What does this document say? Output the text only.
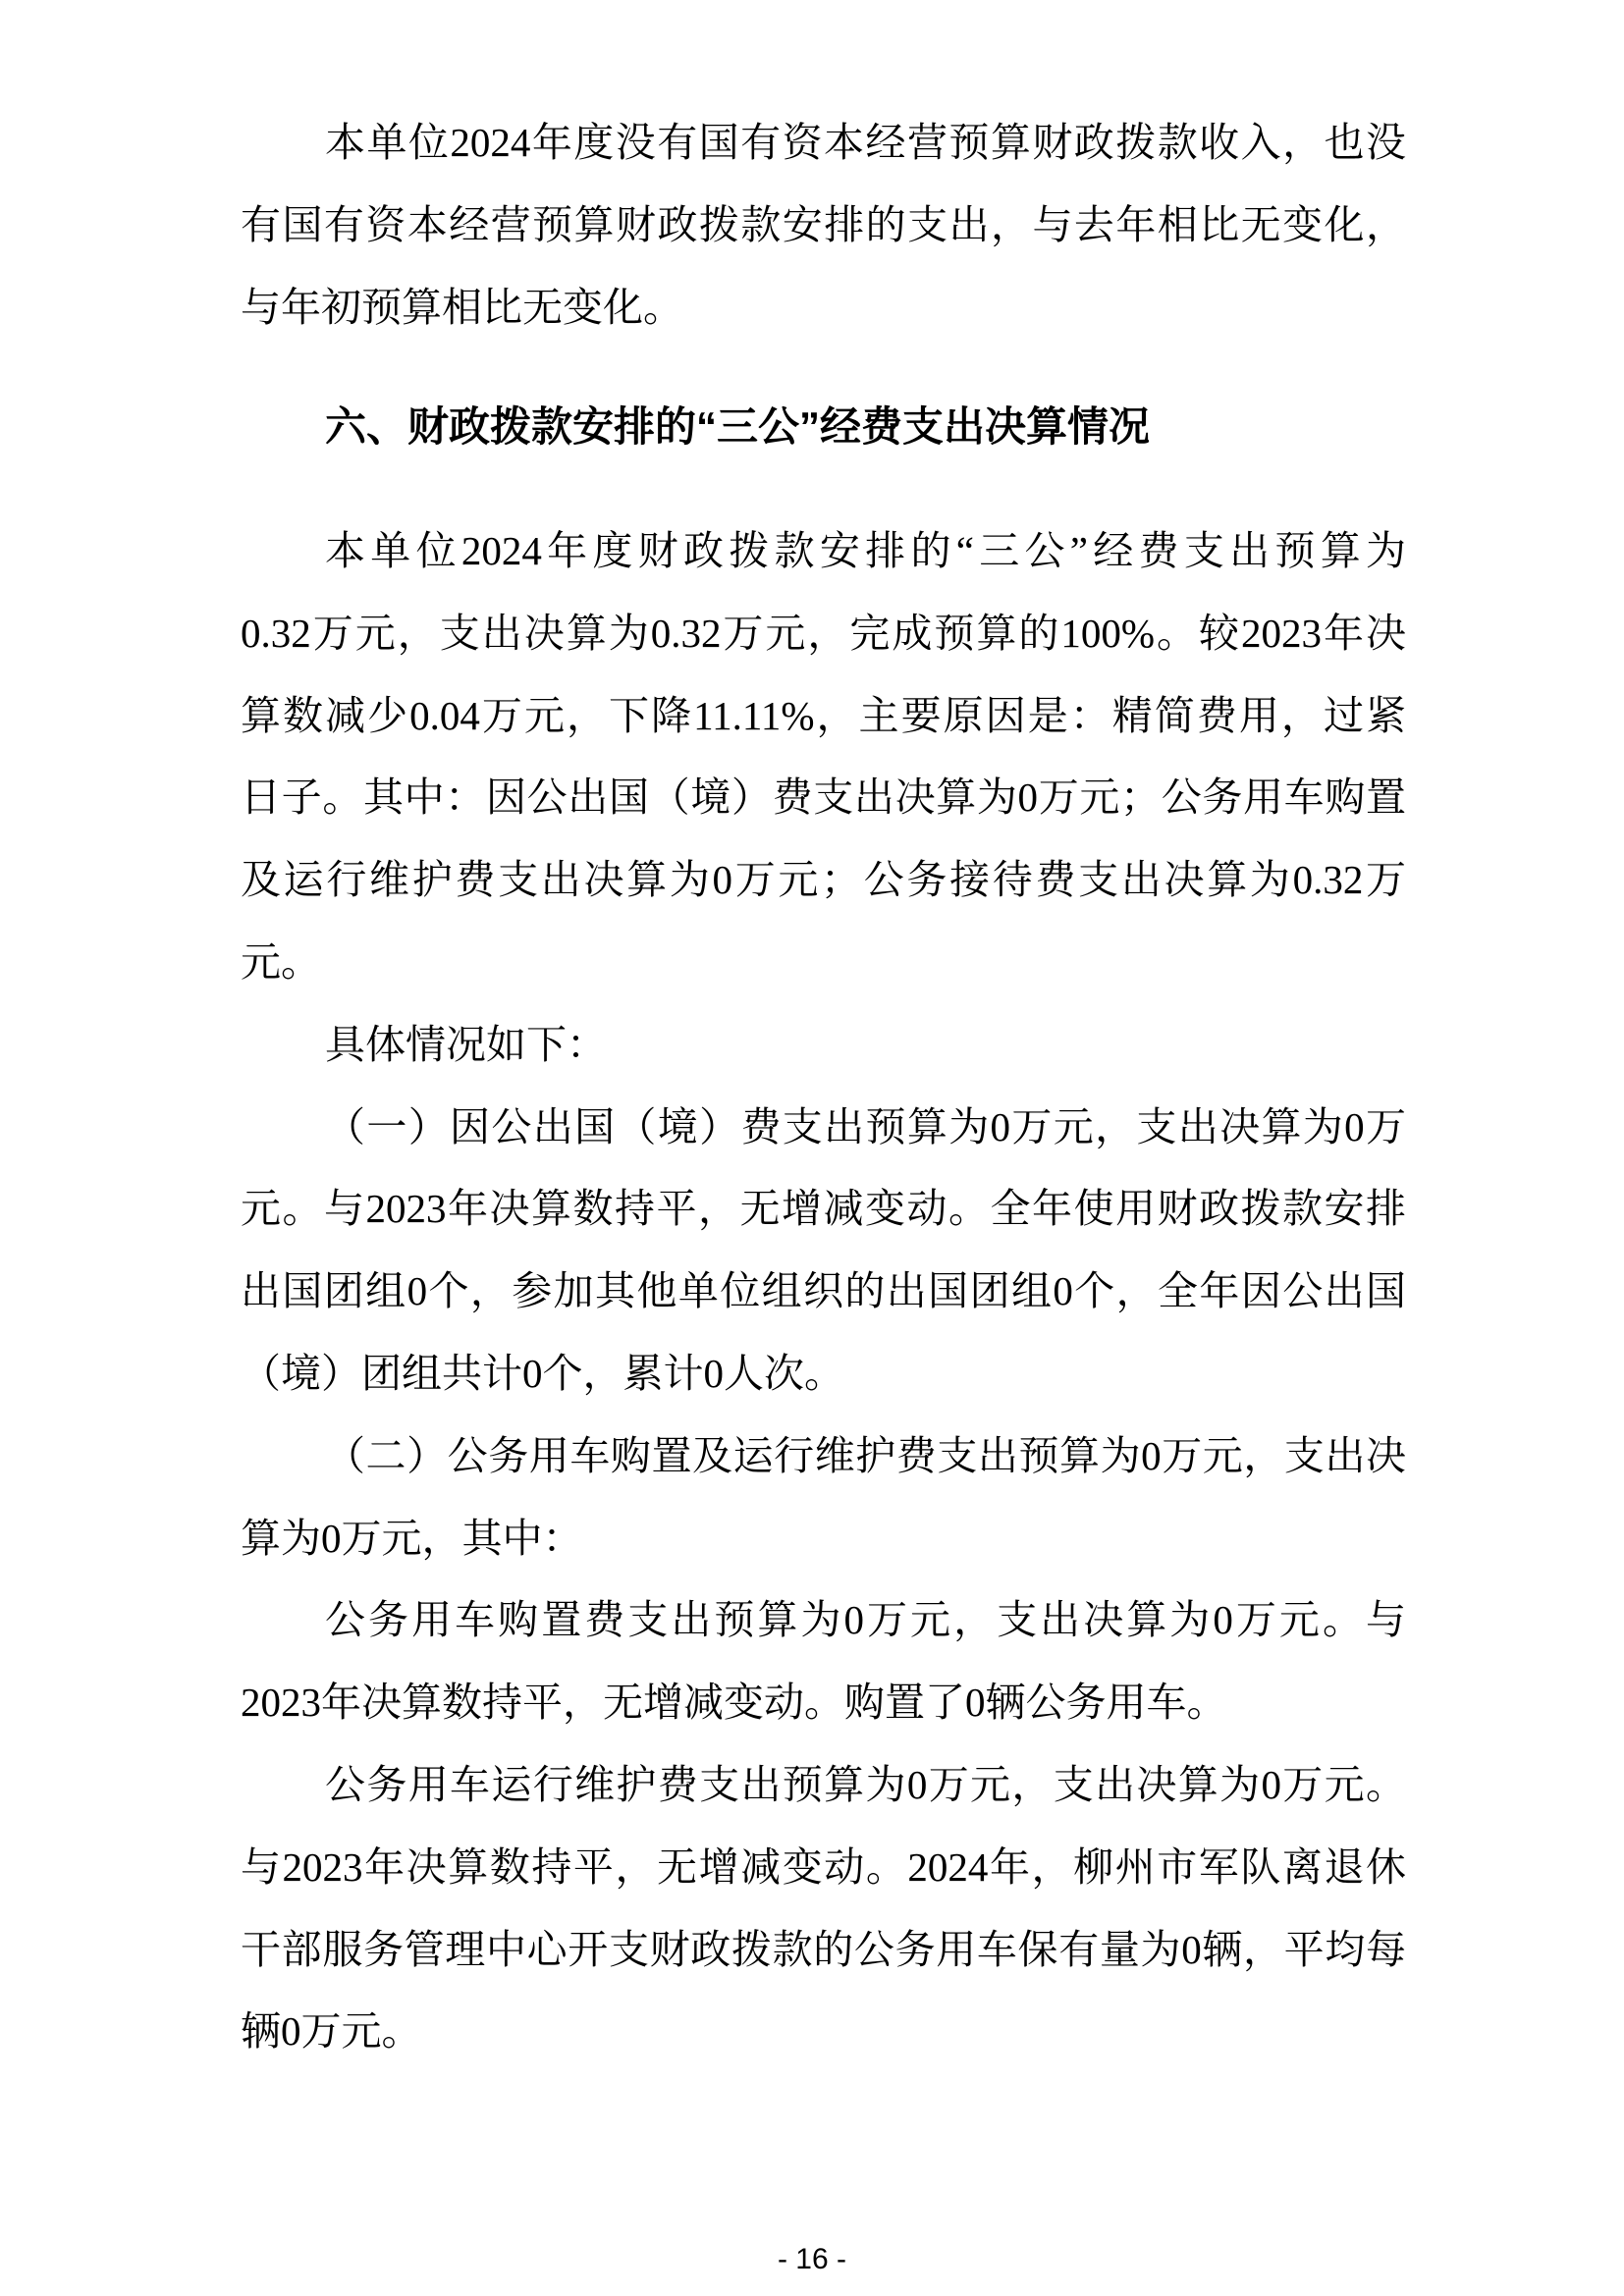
本单位2024年度没有国有资本经营预算财政拨款收入，也没
有国有资本经营预算财政拨款安排的支出，与去年相比无变化，
与年初预算相比无变化。
六、财政拨款安排的“三公”经费支出决算情况
本单位2024年度财政拨款安排的“三公”经费支出预算为
0.32万元，支出决算为0.32万元，完成预算的100%。较2023年决
算数减少0.04万元，下降11.11%，主要原因是：精简费用，过紧
日子。其中：因公出国（境）费支出决算为0万元；公务用车购置
及运行维护费支出决算为0万元；公务接待费支出决算为0.32万
元。
具体情况如下：
（一）因公出国（境）费支出预算为0万元，支出决算为0万
元。与2023年决算数持平，无增减变动。全年使用财政拨款安排
出国团组0个，参加其他单位组织的出国团组0个，全年因公出国
（境）团组共计0个，累计0人次。
（二）公务用车购置及运行维护费支出预算为0万元，支出决
算为0万元，其中：
公务用车购置费支出预算为0万元，支出决算为0万元。与
2023年决算数持平，无增减变动。购置了0辆公务用车。
公务用车运行维护费支出预算为0万元，支出决算为0万元。
与2023年决算数持平，无增减变动。2024年，柳州市军队离退休
干部服务管理中心开支财政拨款的公务用车保有量为0辆，平均每
辆0万元。
- 16 -
